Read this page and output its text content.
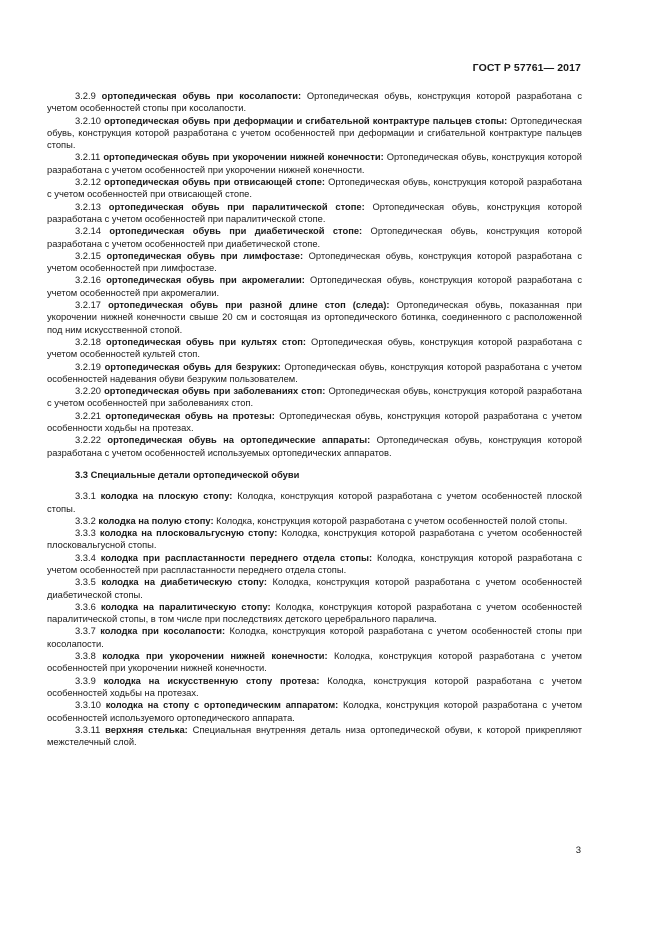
ГОСТ Р 57761— 2017

3.2.9 ортопедическая обувь при косолапости: Ортопедическая обувь, конструкция которой разработана с учетом особенностей стопы при косолапости.

3.2.10 ортопедическая обувь при деформации и сгибательной контрактуре пальцев стопы: Ортопедическая обувь, конструкция которой разработана с учетом особенностей при деформации и сгибательной контрактуре пальцев стопы.

3.2.11 ортопедическая обувь при укорочении нижней конечности: Ортопедическая обувь, конструкция которой разработана с учетом особенностей при укорочении нижней конечности.

3.2.12 ортопедическая обувь при отвисающей стопе: Ортопедическая обувь, конструкция которой разработана с учетом особенностей при отвисающей стопе.

3.2.13 ортопедическая обувь при паралитической стопе: Ортопедическая обувь, конструкция которой разработана с учетом особенностей при паралитической стопе.

3.2.14 ортопедическая обувь при диабетической стопе: Ортопедическая обувь, конструкция которой разработана с учетом особенностей при диабетической стопе.

3.2.15 ортопедическая обувь при лимфостазе: Ортопедическая обувь, конструкция которой разработана с учетом особенностей при лимфостазе.

3.2.16 ортопедическая обувь при акромегалии: Ортопедическая обувь, конструкция которой разработана с учетом особенностей при акромегалии.

3.2.17 ортопедическая обувь при разной длине стоп (следа): Ортопедическая обувь, показанная при укорочении нижней конечности свыше 20 см и состоящая из ортопедического ботинка, соединенного с расположенной под ним искусственной стопой.

3.2.18 ортопедическая обувь при культях стоп: Ортопедическая обувь, конструкция которой разработана с учетом особенностей культей стоп.

3.2.19 ортопедическая обувь для безруких: Ортопедическая обувь, конструкция которой разработана с учетом особенностей надевания обуви безруким пользователем.

3.2.20 ортопедическая обувь при заболеваниях стоп: Ортопедическая обувь, конструкция которой разработана с учетом особенностей при заболеваниях стоп.

3.2.21 ортопедическая обувь на протезы: Ортопедическая обувь, конструкция которой разработана с учетом особенности ходьбы на протезах.

3.2.22 ортопедическая обувь на ортопедические аппараты: Ортопедическая обувь, конструкция которой разработана с учетом особенностей используемых ортопедических аппаратов.

3.3 Специальные детали ортопедической обуви

3.3.1 колодка на плоскую стопу: Колодка, конструкция которой разработана с учетом особенностей плоской стопы.

3.3.2 колодка на полую стопу: Колодка, конструкция которой разработана с учетом особенностей полой стопы.

3.3.3 колодка на плосковальгусную стопу: Колодка, конструкция которой разработана с учетом особенностей плосковальгусной стопы.

3.3.4 колодка при распластанности переднего отдела стопы: Колодка, конструкция которой разработана с учетом особенностей при распластанности переднего отдела стопы.

3.3.5 колодка на диабетическую стопу: Колодка, конструкция которой разработана с учетом особенностей диабетической стопы.

3.3.6 колодка на паралитическую стопу: Колодка, конструкция которой разработана с учетом особенностей паралитической стопы, в том числе при последствиях детского церебрального паралича.

3.3.7 колодка при косолапости: Колодка, конструкция которой разработана с учетом особенностей стопы при косолапости.

3.3.8 колодка при укорочении нижней конечности: Колодка, конструкция которой разработана с учетом особенностей при укорочении нижней конечности.

3.3.9 колодка на искусственную стопу протеза: Колодка, конструкция которой разработана с учетом особенностей ходьбы на протезах.

3.3.10 колодка на стопу с ортопедическим аппаратом: Колодка, конструкция которой разработана с учетом особенностей используемого ортопедического аппарата.

3.3.11 верхняя стелька: Специальная внутренняя деталь низа ортопедической обуви, к которой прикрепляют межстелечный слой.

3
